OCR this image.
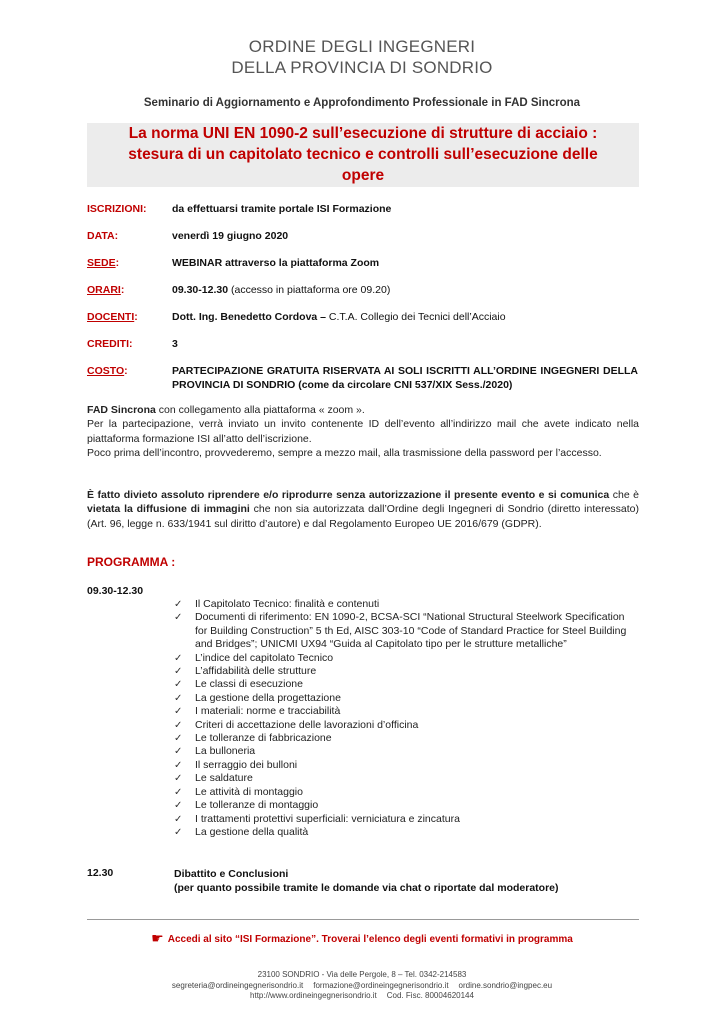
ORDINE DEGLI INGEGNERI
DELLA PROVINCIA DI SONDRIO
Seminario di Aggiornamento e Approfondimento Professionale in FAD Sincrona
La norma UNI EN 1090-2 sull’esecuzione di strutture di acciaio :
stesura di un capitolato tecnico e controlli sull’esecuzione delle
opere
ISCRIZIONI: da effettuarsi tramite portale ISI Formazione
DATA:	venerdì 19 giugno 2020
SEDE:	WEBINAR attraverso la piattaforma Zoom
ORARI:	09.30-12.30 (accesso in piattaforma ore 09.20)
DOCENTI:	Dott. Ing. Benedetto Cordova – C.T.A. Collegio dei Tecnici dell’Acciaio
CREDITI:	3
COSTO:	PARTECIPAZIONE GRATUITA RISERVATA AI SOLI ISCRITTI ALL’ORDINE INGEGNERI DELLA PROVINCIA DI SONDRIO (come da circolare CNI 537/XIX Sess./2020)
FAD Sincrona con collegamento alla piattaforma « zoom ».
Per la partecipazione, verrà inviato un invito contenente ID dell’evento all’indirizzo mail che avete indicato nella piattaforma formazione ISI all’atto dell’iscrizione.
Poco prima dell’incontro, provvederemo, sempre a mezzo mail, alla trasmissione della password per l’accesso.
È fatto divieto assoluto riprendere e/o riprodurre senza autorizzazione il presente evento e si comunica che è vietata la diffusione di immagini che non sia autorizzata dall’Ordine degli Ingegneri di Sondrio (diretto interessato) (Art. 96, legge n. 633/1941 sul diritto d’autore) e dal Regolamento Europeo UE 2016/679 (GDPR).
PROGRAMMA :
09.30-12.30
✓ Il Capitolato Tecnico: finalità e contenuti
✓ Documenti di riferimento: EN 1090-2, BCSA-SCI “National Structural Steelwork Specification for Building Construction” 5 th Ed, AISC 303-10 “Code of Standard Practice for Steel Building and Bridges”; UNICMI UX94 “Guida al Capitolato tipo per le strutture metalliche”
✓ L’indice del capitolato Tecnico
✓ L’affidabilità delle strutture
✓ Le classi di esecuzione
✓ La gestione della progettazione
✓ I materiali: norme e tracciabilità
✓ Criteri di accettazione delle lavorazioni d’officina
✓ Le tolleranze di fabbricazione
✓ La bulloneria
✓ Il serraggio dei bulloni
✓ Le saldature
✓ Le attività di montaggio
✓ Le tolleranze di montaggio
✓ I trattamenti protettivi superficiali: verniciatura e zincatura
✓ La gestione della qualità
12.30	Dibattito e Conclusioni
(per quanto possibile tramite le domande via chat o riportate dal moderatore)
☛ Accedi al sito “ISI Formazione”. Troverai l’elenco degli eventi formativi in programma
23100 SONDRIO - Via delle Pergole, 8 – Tel. 0342-214583
segreteria@ordineingegnerisondrio.it formazione@ordineingegnerisondrio.it ordine.sondrio@ingpec.eu
http://www.ordineingegnerisondrio.it Cod. Fisc. 80004620144
